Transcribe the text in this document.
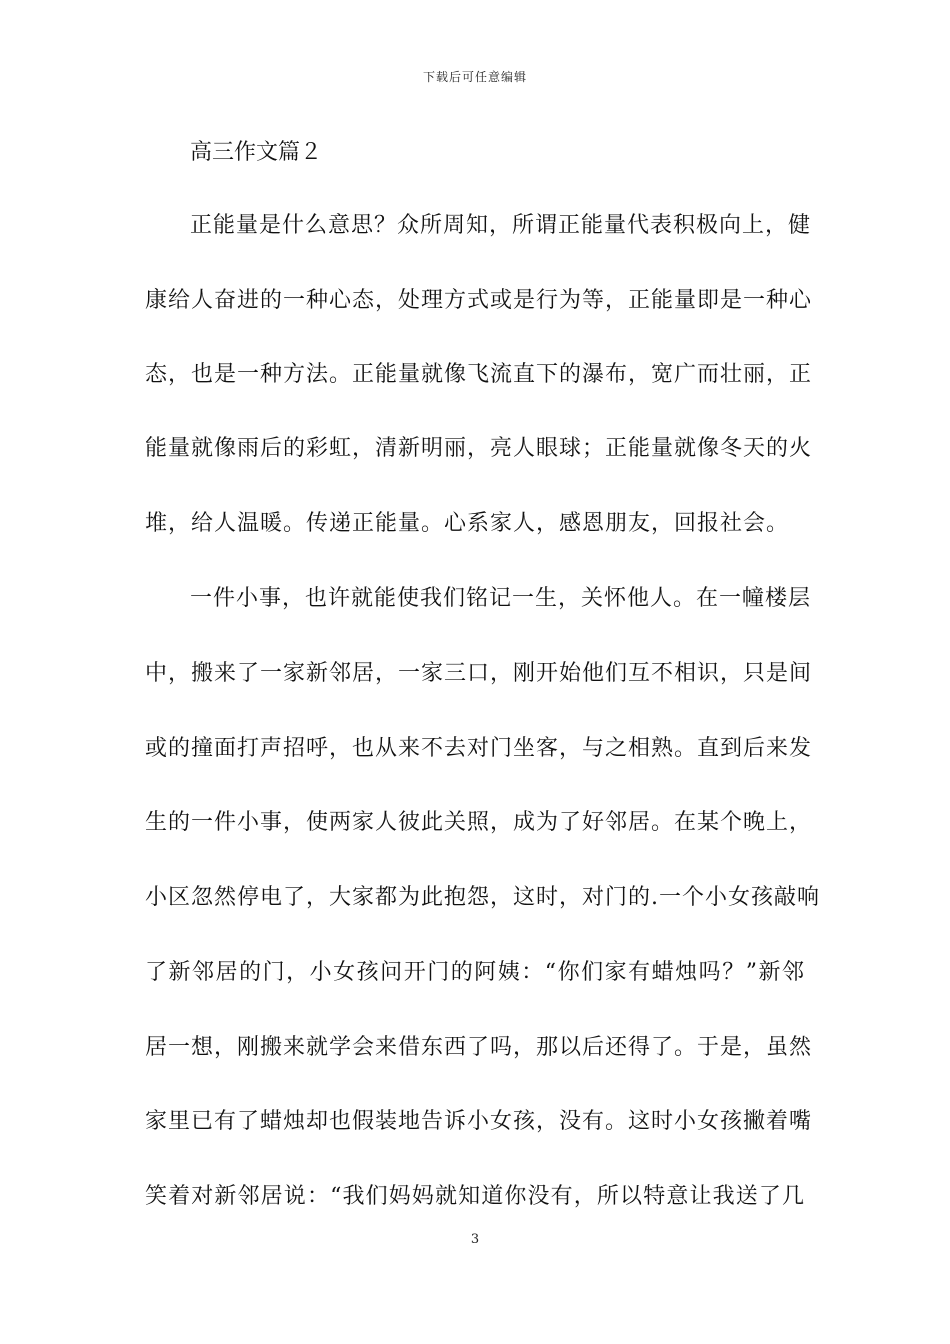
下载后可任意编辑
高三作文篇２
正能量是什么意思？众所周知，所谓正能量代表积极向上，健
康给人奋进的一种心态，处理方式或是行为等，正能量即是一种心
态，也是一种方法。正能量就像飞流直下的瀑布，宽广而壮丽，正
能量就像雨后的彩虹，清新明丽，亮人眼球；正能量就像冬天的火
堆，给人温暖。传递正能量。心系家人，感恩朋友，回报社会。
一件小事，也许就能使我们铭记一生，关怀他人。在一幢楼层
中，搬来了一家新邻居，一家三口，刚开始他们互不相识，只是间
或的撞面打声招呼，也从来不去对门坐客，与之相熟。直到后来发
生的一件小事，使两家人彼此关照，成为了好邻居。在某个晚上，
小区忽然停电了，大家都为此抱怨，这时，对门的.一个小女孩敲响
了新邻居的门，小女孩问开门的阿姨：“你们家有蜡烛吗？”新邻
居一想，刚搬来就学会来借东西了吗，那以后还得了。于是，虽然
家里已有了蜡烛却也假装地告诉小女孩，没有。这时小女孩撇着嘴
笑着对新邻居说：“我们妈妈就知道你没有，所以特意让我送了几
3
